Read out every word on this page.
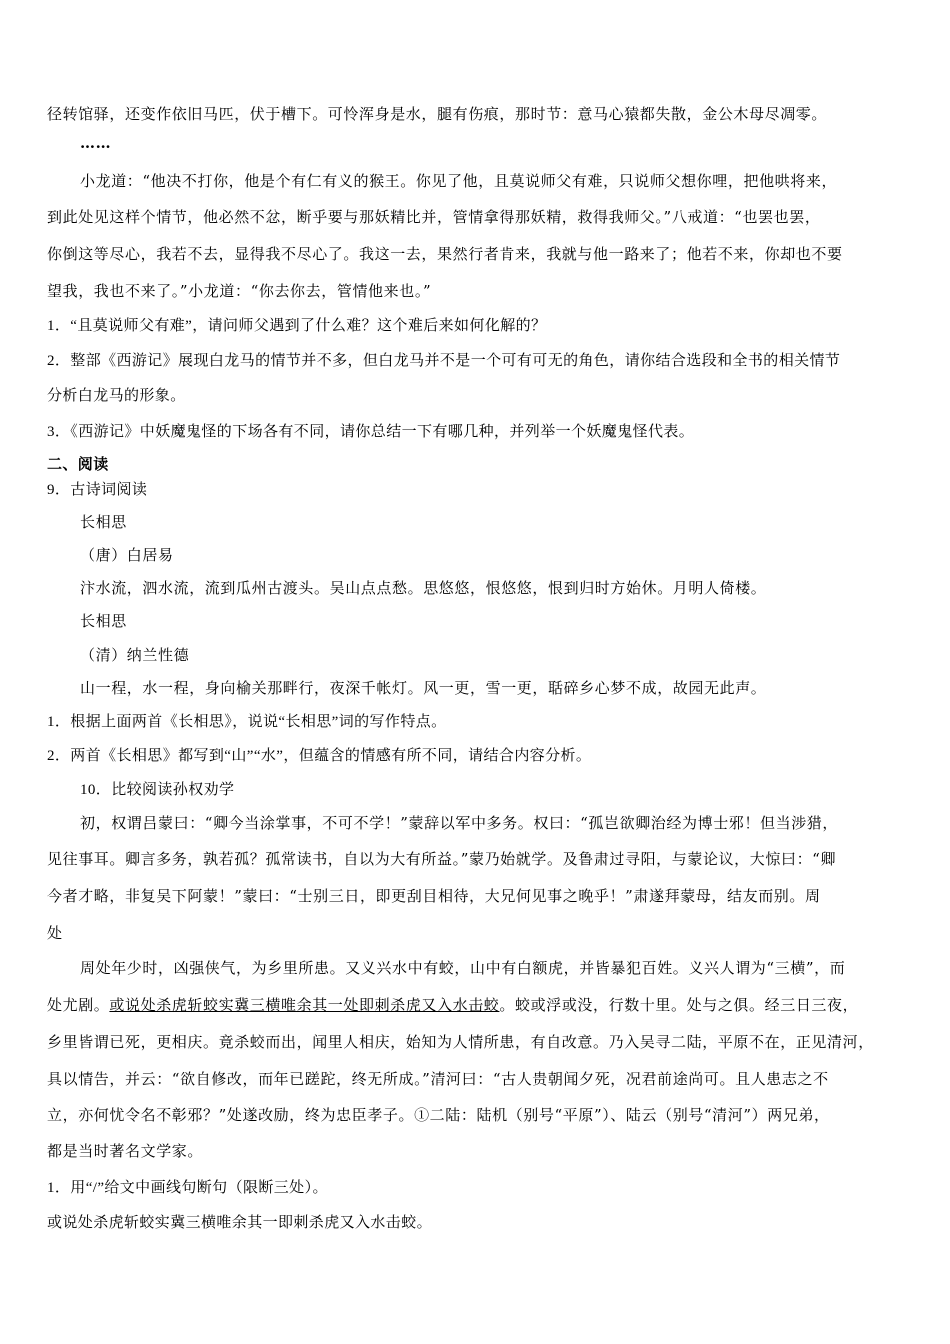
径转馆驿，还变作依旧马匹，伏于槽下。可怜浑身是水，腿有伤痕，那时节：意马心猿都失散，金公木母尽凋零。
……
小龙道：“他决不打你，他是个有仁有义的猴王。你见了他，且莫说师父有难，只说师父想你哩，把他哄将来，
到此处见这样个情节，他必然不忿，断乎要与那妖精比并，管情拿得那妖精，救得我师父。”八戒道：“也罢也罢，
你倒这等尽心，我若不去，显得我不尽心了。我这一去，果然行者肯来，我就与他一路来了；他若不来，你却也不要
望我，我也不来了。”小龙道：“你去你去，管情他来也。”
1．“且莫说师父有难”，请问师父遇到了什么难？这个难后来如何化解的？
2．整部《西游记》展现白龙马的情节并不多，但白龙马并不是一个可有可无的角色，请你结合选段和全书的相关情节
分析白龙马的形象。
3．《西游记》中妖魔鬼怪的下场各有不同，请你总结一下有哪几种，并列举一个妖魔鬼怪代表。
二、阅读
9．古诗词阅读
长相思
（唐）白居易
汴水流，泗水流，流到瓜州古渡头。吴山点点愁。思悠悠，恨悠悠，恨到归时方始休。月明人倚楼。
长相思
（清）纳兰性德
山一程，水一程，身向榆关那畔行，夜深千帐灯。风一更，雪一更，聒碎乡心梦不成，故园无此声。
1．根据上面两首《长相思》，说说“长相思”词的写作特点。
2．两首《长相思》都写到“山”“水”，但蕴含的情感有所不同，请结合内容分析。
10．比较阅读孙权劝学
初，权谓吕蒙曰：“卿今当涂掌事，不可不学！”蒙辞以军中多务。权曰：“孤岂欲卿治经为博士邪！但当涉猎，
见往事耳。卿言多务，孰若孤？孤常读书，自以为大有所益。”蒙乃始就学。及鲁肃过寻阳，与蒙论议，大惊曰：“卿
今者才略，非复吴下阿蒙！”蒙曰：“士别三日，即更刮目相待，大兄何见事之晚乎！”肃遂拜蒙母，结友而别。周
处
周处年少时，凶强侠气，为乡里所患。又义兴水中有蛟，山中有白额虎，并皆暴犯百姓。义兴人谓为“三横”，而
处尤剧。或说处杀虎斩蛟实冀三横唯余其一处即刺杀虎又入水击蛟。蛟或浮或没，行数十里。处与之俱。经三日三夜，
乡里皆谓已死，更相庆。竟杀蛟而出，闻里人相庆，始知为人情所患，有自改意。乃入吴寻二陆，平原不在，正见清河，
具以情告，并云：“欲自修改，而年已蹉跎，终无所成。”清河曰：“古人贵朝闻夕死，况君前途尚可。且人患志之不
立，亦何忧令名不彰邪？”处遂改励，终为忠臣孝子。①二陆：陆机（别号“平原”）、陆云（别号“清河”）两兄弟，
都是当时著名文学家。
1．用“/”给文中画线句断句（限断三处）。
或说处杀虎斩蛟实冀三横唯余其一即刺杀虎又入水击蛟。
